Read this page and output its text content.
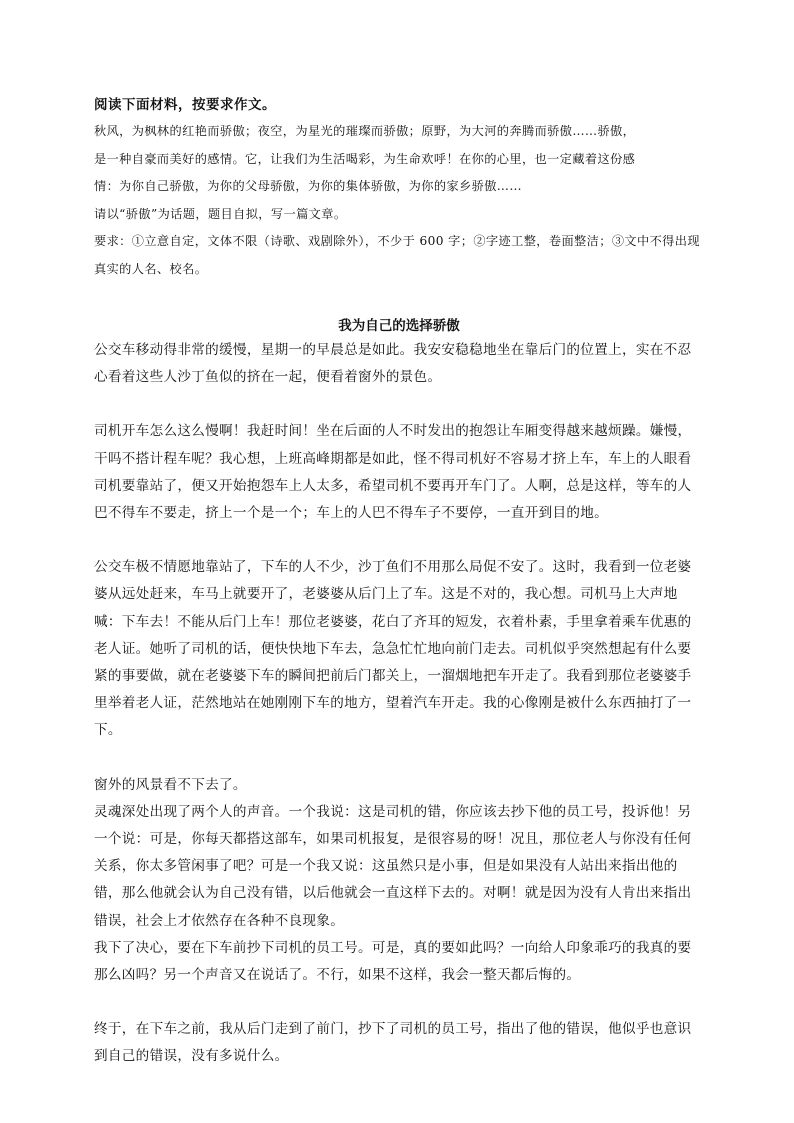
阅读下面材料，按要求作文。

秋风，为枫林的红艳而骄傲；夜空，为星光的璀璨而骄傲；原野，为大河的奔腾而骄傲……骄傲，

是一种自豪而美好的感情。它，让我们为生活喝彩，为生命欢呼！在你的心里，也一定藏着这份感

情：为你自己骄傲，为你的父母骄傲，为你的集体骄傲，为你的家乡骄傲……

请以“骄傲”为话题，题目自拟，写一篇文章。

要求：①立意自定，文体不限（诗歌、戏剧除外），不少于 600 字；②字迹工整，卷面整洁；③文中不得出现真实的人名、校名。

我为自己的选择骄傲

公交车移动得非常的缓慢，星期一的早晨总是如此。我安安稳稳地坐在靠后门的位置上，实在不忍心看着这些人沙丁鱼似的挤在一起，便看着窗外的景色。

司机开车怎么这么慢啊！我赶时间！坐在后面的人不时发出的抱怨让车厢变得越来越烦躁。嫌慢，干吗不搭计程车呢？我心想，上班高峰期都是如此，怪不得司机好不容易才挤上车，车上的人眼看司机要靠站了，便又开始抱怨车上人太多，希望司机不要再开车门了。人啊，总是这样，等车的人巴不得车不要走，挤上一个是一个；车上的人巴不得车子不要停，一直开到目的地。

公交车极不情愿地靠站了，下车的人不少，沙丁鱼们不用那么局促不安了。这时，我看到一位老婆婆从远处赶来，车马上就要开了，老婆婆从后门上了车。这是不对的，我心想。司机马上大声地喊：下车去！不能从后门上车！那位老婆婆，花白了齐耳的短发，衣着朴素，手里拿着乘车优惠的老人证。她听了司机的话，便快快地下车去，急急忙忙地向前门走去。司机似乎突然想起有什么要紧的事要做，就在老婆婆下车的瞬间把前后门都关上，一溜烟地把车开走了。我看到那位老婆婆手里举着老人证，茫然地站在她刚刚下车的地方，望着汽车开走。我的心像刚是被什么东西抽打了一下。

窗外的风景看不下去了。

灵魂深处出现了两个人的声音。一个我说：这是司机的错，你应该去抄下他的员工号，投诉他！另一个说：可是，你每天都搭这部车，如果司机报复，是很容易的呀！况且，那位老人与你没有任何关系，你太多管闲事了吧？可是一个我又说：这虽然只是小事，但是如果没有人站出来指出他的错，那么他就会认为自己没有错，以后他就会一直这样下去的。对啊！就是因为没有人肯出来指出错误，社会上才依然存在各种不良现象。

我下了决心，要在下车前抄下司机的员工号。可是，真的要如此吗？一向给人印象乖巧的我真的要那么凶吗？另一个声音又在说话了。不行，如果不这样，我会一整天都后悔的。

终于，在下车之前，我从后门走到了前门，抄下了司机的员工号，指出了他的错误，他似乎也意识到自己的错误，没有多说什么。
